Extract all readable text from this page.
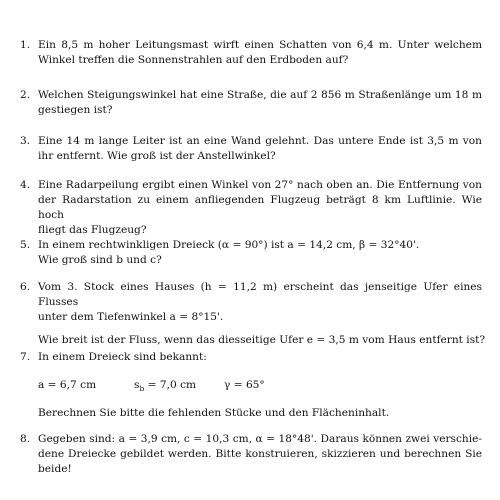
1. Ein 8,5 m hoher Leitungsmast wirft einen Schatten von 6,4 m. Unter welchem
Winkel treffen die Sonnenstrahlen auf den Erdboden auf?
2. Welchen Steigungswinkel hat eine Straße, die auf 2 856 m Straßenlänge um 18 m
gestiegen ist?
3. Eine 14 m lange Leiter ist an eine Wand gelehnt. Das untere Ende ist 3,5 m von
ihr entfernt. Wie groß ist der Anstellwinkel?
4. Eine Radarpeilung ergibt einen Winkel von 27° nach oben an. Die Entfernung von
der Radarstation zu einem anfliegenden Flugzeug beträgt 8 km Luftlinie. Wie hoch
fliegt das Flugzeug?
5. In einem rechtwinkligen Dreieck (α = 90°) ist a = 14,2 cm, β = 32°40'.
Wie groß sind b und c?
6. Vom 3. Stock eines Hauses (h = 11,2 m) erscheint das jenseitige Ufer eines Flusses
unter dem Tiefenwinkel a = 8°15'.
Wie breit ist der Fluss, wenn das diesseitige Ufer e = 3,5 m vom Haus entfernt ist?
7. In einem Dreieck sind bekannt:
a = 6,7 cm	$s_b = 7,0$ cm	γ = 65°
Berechnen Sie bitte die fehlenden Stücke und den Flächeninhalt.
8. Gegeben sind: a = 3,9 cm, c = 10,3 cm, α = 18°48'. Daraus können zwei verschie-
dene Dreiecke gebildet werden. Bitte konstruieren, skizzieren und berechnen Sie
beide!
